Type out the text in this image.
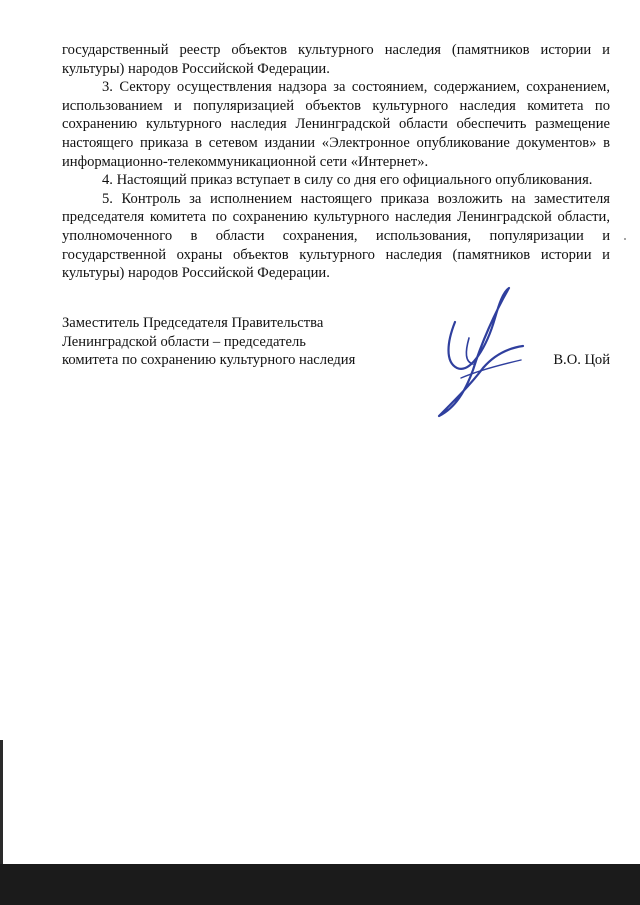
государственный реестр объектов культурного наследия (памятников истории и культуры) народов Российской Федерации.

3. Сектору осуществления надзора за состоянием, содержанием, сохранением, использованием и популяризацией объектов культурного наследия комитета по сохранению культурного наследия Ленинградской области обеспечить размещение настоящего приказа в сетевом издании «Электронное опубликование документов» в информационно-телекоммуникационной сети «Интернет».

4. Настоящий приказ вступает в силу со дня его официального опубликования.

5. Контроль за исполнением настоящего приказа возложить на заместителя председателя комитета по сохранению культурного наследия Ленинградской области, уполномоченного в области сохранения, использования, популяризации и государственной охраны объектов культурного наследия (памятников истории и культуры) народов Российской Федерации.

Заместитель Председателя Правительства
Ленинградской области – председатель
комитета по сохранению культурного наследия	В.О. Цой
